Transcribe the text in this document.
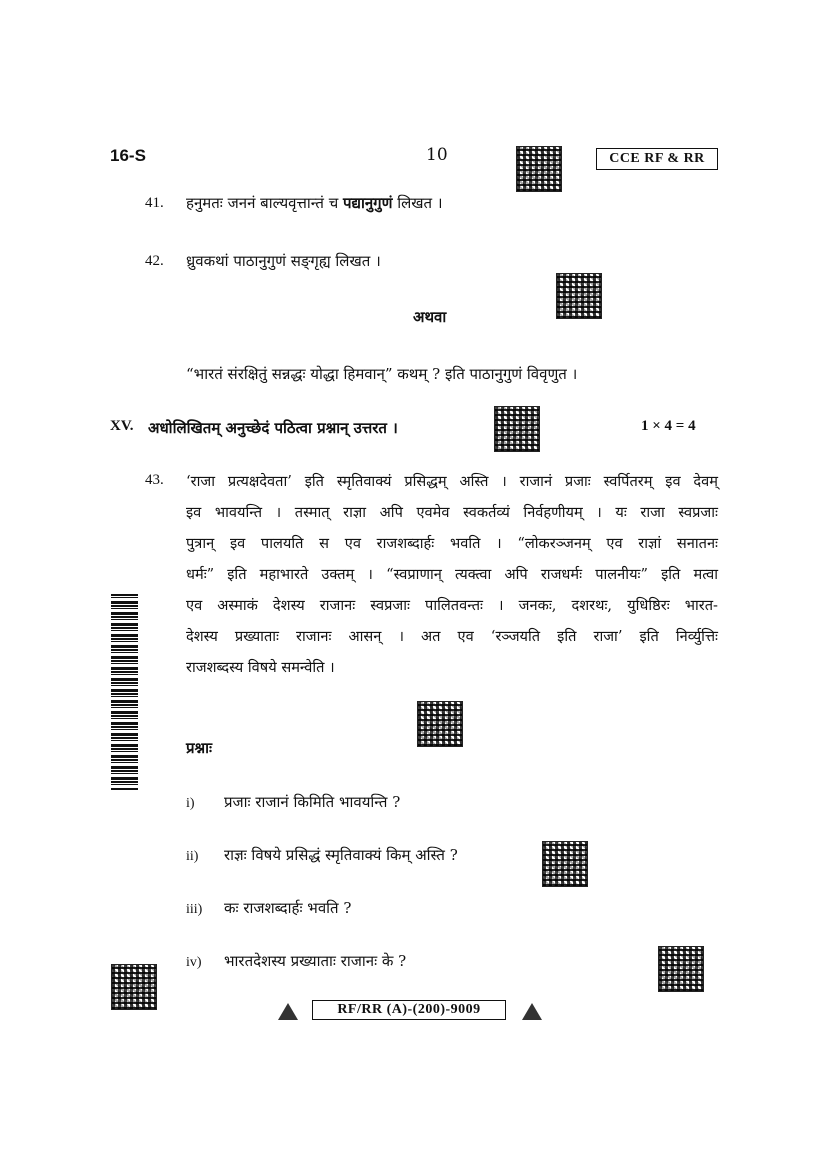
16-S	10	CCE RF & RR
41. हनुमतः जननं बाल्यवृत्तान्तं च पद्यानुगुणं लिखत ।
42. ध्रुवकथां पाठानुगुणं सङ्गृह्य लिखत ।
अथवा
“भारतं संरक्षितुं सन्नद्धः योद्धा हिमवान्” कथम् ? इति पाठानुगुणं विवृणुत ।
XV. अधोलिखितम् अनुच्छेदं पठित्वा प्रश्नान् उत्तरत ।	1 × 4 = 4
43. ‘राजा प्रत्यक्षदेवता’ इति स्मृतिवाक्यं प्रसिद्धम् अस्ति । राजानं प्रजाः स्वर्पितरम् इव देवम्

इव भावयन्ति । तस्मात् राज्ञा अपि एवमेव स्वकर्तव्यं निर्वहणीयम् । यः राजा स्वप्रजाः

पुत्रान् इव पालयति स एव राजशब्दार्हः भवति । “लोकरञ्जनम् एव राज्ञां सनातनः

धर्मः” इति महाभारते उक्तम् । “स्वप्राणान् त्यक्त्वा अपि राजधर्मः पालनीयः” इति मत्वा

एव अस्माकं देशस्य राजानः स्वप्रजाः पालितवन्तः । जनकः, दशरथः, युधिष्ठिरः भारत-

देशस्य प्रख्याताः राजानः आसन् । अत एव ‘रञ्जयति इति राजा’ इति निर्व्युत्तिः

राजशब्दस्य विषये समन्वेति ।

प्रश्नाः
i) प्रजाः राजानं किमिति भावयन्ति ?
ii) राज्ञः विषये प्रसिद्धं स्मृतिवाक्यं किम् अस्ति ?
iii) कः राजशब्दार्हः भवति ?
iv) भारतदेशस्य प्रख्याताः राजानः के ?
RF/RR (A)-(200)-9009
